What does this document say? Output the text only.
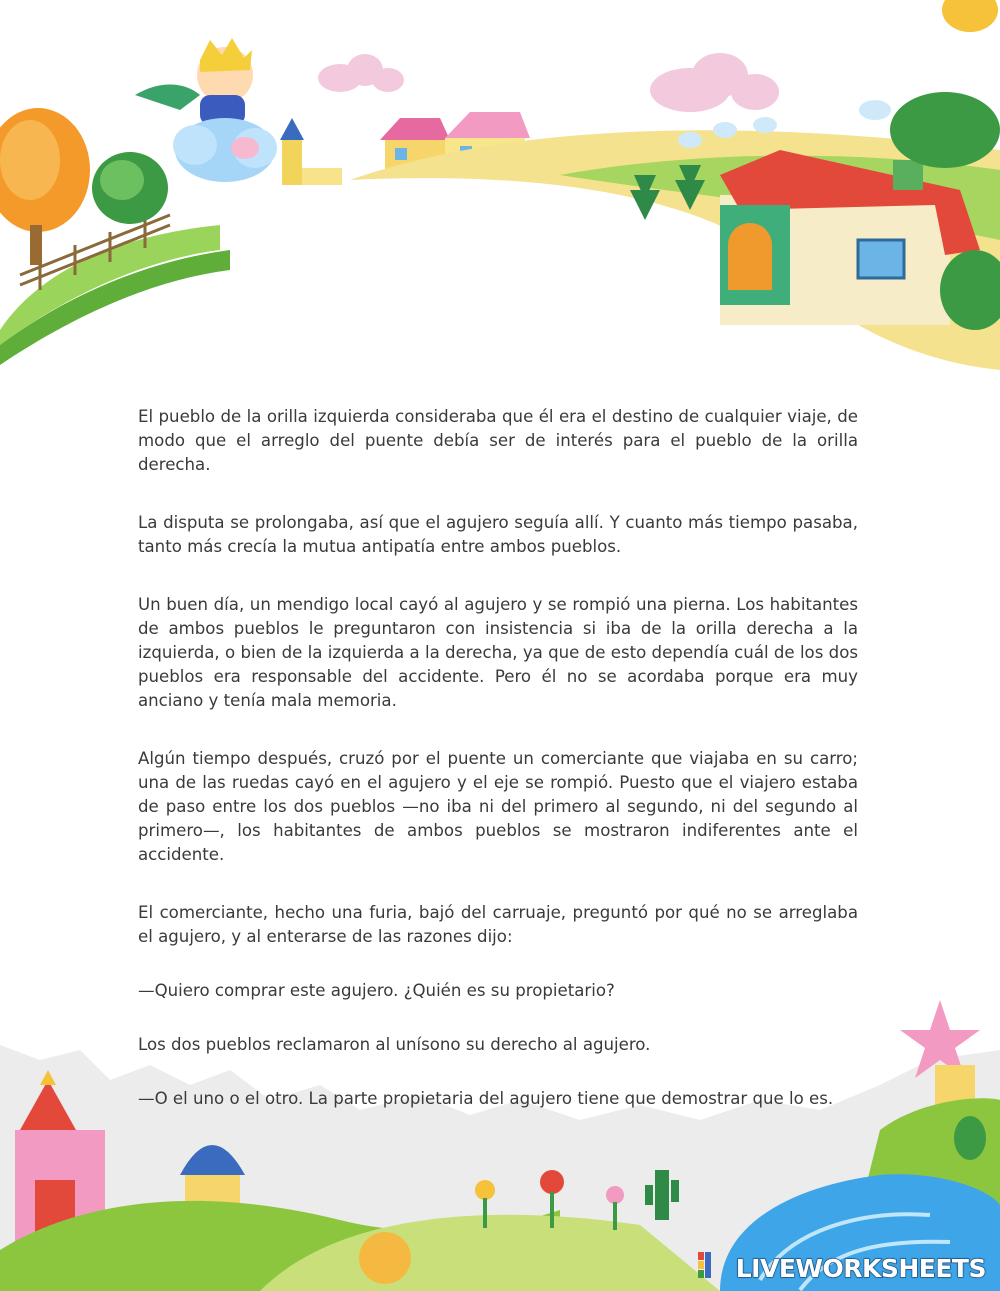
El pueblo de la orilla izquierda consideraba que él era el destino de cualquier viaje, de modo que el arreglo del puente debía ser de interés para el pueblo de la orilla derecha.

La disputa se prolongaba, así que el agujero seguía allí. Y cuanto más tiempo pasaba, tanto más crecía la mutua antipatía entre ambos pueblos.

Un buen día, un mendigo local cayó al agujero y se rompió una pierna. Los habitantes de ambos pueblos le preguntaron con insistencia si iba de la orilla derecha a la izquierda, o bien de la izquierda a la derecha, ya que de esto dependía cuál de los dos pueblos era responsable del accidente. Pero él no se acordaba porque era muy anciano y tenía mala memoria.

Algún tiempo después, cruzó por el puente un comerciante que viajaba en su carro; una de las ruedas cayó en el agujero y el eje se rompió. Puesto que el viajero estaba de paso entre los dos pueblos —no iba ni del primero al segundo, ni del segundo al primero—, los habitantes de ambos pueblos se mostraron indiferentes ante el accidente.

El comerciante, hecho una furia, bajó del carruaje, preguntó por qué no se arreglaba el agujero, y al enterarse de las razones dijo:

—Quiero comprar este agujero. ¿Quién es su propietario?

Los dos pueblos reclamaron al unísono su derecho al agujero.

—O el uno o el otro. La parte propietaria del agujero tiene que demostrar que lo es.

LIVEWORKSHEETS
